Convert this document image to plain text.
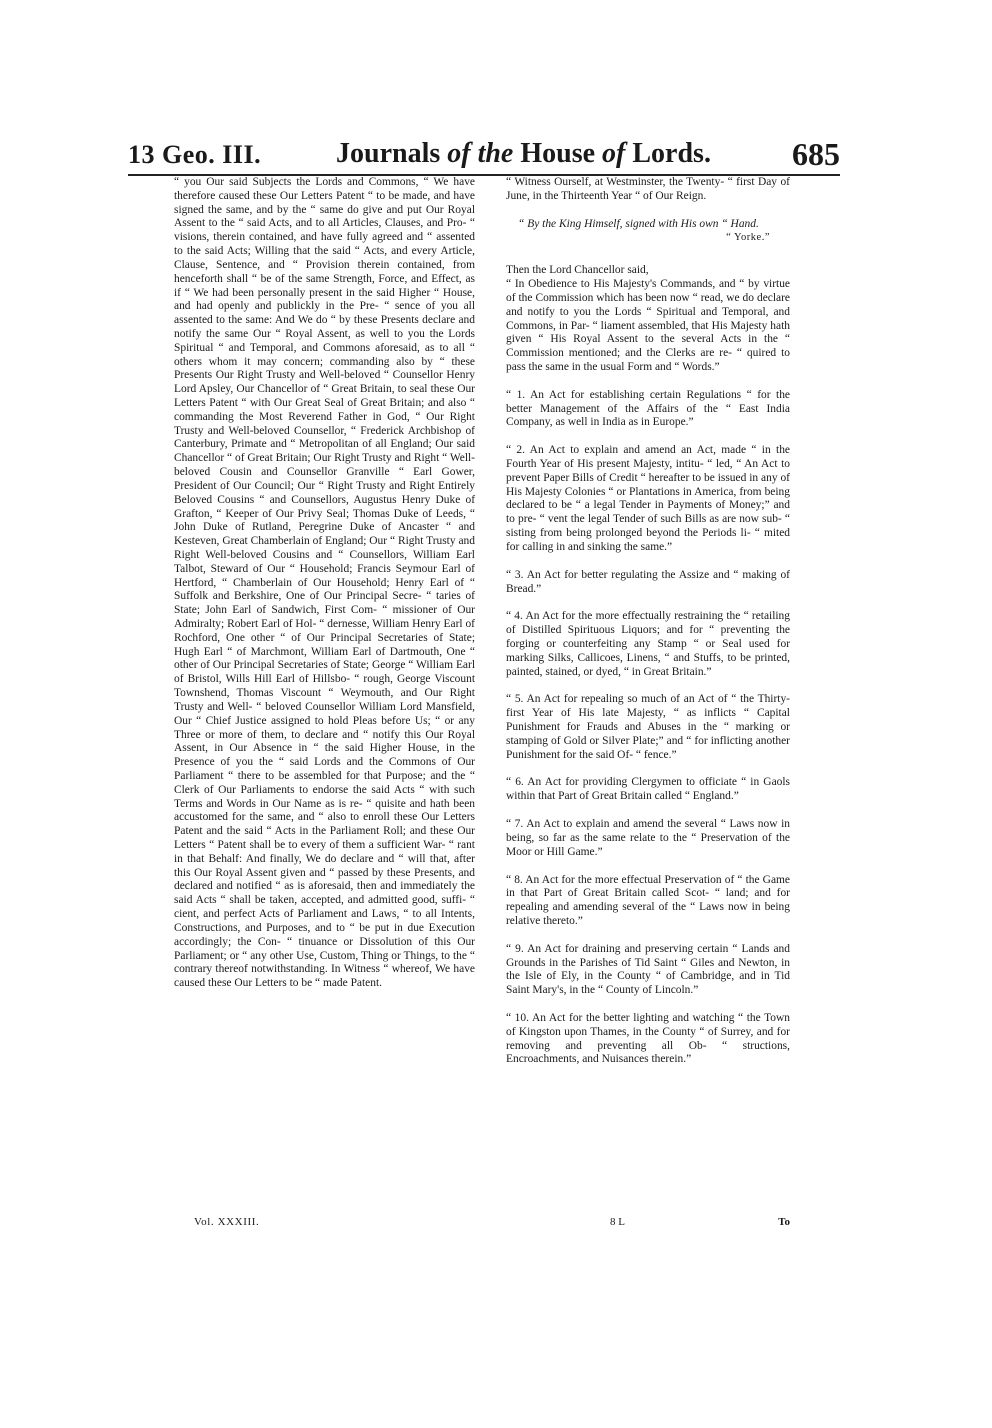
13 Geo. III.	Journals of the House of Lords.	685

“ you Our said Subjects the Lords and Commons, “ We have therefore caused these Our Letters Patent “ to be made, and have signed the same, and by the “ same do give and put Our Royal Assent to the “ said Acts, and to all Articles, Clauses, and Pro- “ visions, therein contained, and have fully agreed and “ assented to the said Acts; Willing that the said “ Acts, and every Article, Clause, Sentence, and “ Provision therein contained, from henceforth shall “ be of the same Strength, Force, and Effect, as if “ We had been personally present in the said Higher “ House, and had openly and publickly in the Pre- “ sence of you all assented to the same: And We do “ by these Presents declare and notify the same Our “ Royal Assent, as well to you the Lords Spiritual “ and Temporal, and Commons aforesaid, as to all “ others whom it may concern; commanding also by “ these Presents Our Right Trusty and Well-beloved “ Counsellor Henry Lord Apsley, Our Chancellor of “ Great Britain, to seal these Our Letters Patent “ with Our Great Seal of Great Britain; and also “ commanding the Most Reverend Father in God, “ Our Right Trusty and Well-beloved Counsellor, “ Frederick Archbishop of Canterbury, Primate and “ Metropolitan of all England; Our said Chancellor “ of Great Britain; Our Right Trusty and Right “ Well-beloved Cousin and Counsellor Granville “ Earl Gower, President of Our Council; Our “ Right Trusty and Right Entirely Beloved Cousins “ and Counsellors, Augustus Henry Duke of Grafton, “ Keeper of Our Privy Seal; Thomas Duke of Leeds, “ John Duke of Rutland, Peregrine Duke of Ancaster “ and Kesteven, Great Chamberlain of England; Our “ Right Trusty and Right Well-beloved Cousins and “ Counsellors, William Earl Talbot, Steward of Our “ Household; Francis Seymour Earl of Hertford, “ Chamberlain of Our Household; Henry Earl of “ Suffolk and Berkshire, One of Our Principal Secre- “ taries of State; John Earl of Sandwich, First Com- “ missioner of Our Admiralty; Robert Earl of Hol- “ dernesse, William Henry Earl of Rochford, One other “ of Our Principal Secretaries of State; Hugh Earl “ of Marchmont, William Earl of Dartmouth, One “ other of Our Principal Secretaries of State; George “ William Earl of Bristol, Wills Hill Earl of Hillsbo- “ rough, George Viscount Townshend, Thomas Viscount “ Weymouth, and Our Right Trusty and Well- “ beloved Counsellor William Lord Mansfield, Our “ Chief Justice assigned to hold Pleas before Us; “ or any Three or more of them, to declare and “ notify this Our Royal Assent, in Our Absence in “ the said Higher House, in the Presence of you the “ said Lords and the Commons of Our Parliament “ there to be assembled for that Purpose; and the “ Clerk of Our Parliaments to endorse the said Acts “ with such Terms and Words in Our Name as is re- “ quisite and hath been accustomed for the same, and “ also to enroll these Our Letters Patent and the said “ Acts in the Parliament Roll; and these Our Letters “ Patent shall be to every of them a sufficient War- “ rant in that Behalf: And finally, We do declare and “ will that, after this Our Royal Assent given and “ passed by these Presents, and declared and notified “ as is aforesaid, then and immediately the said Acts “ shall be taken, accepted, and admitted good, suffi- “ cient, and perfect Acts of Parliament and Laws, “ to all Intents, Constructions, and Purposes, and to “ be put in due Execution accordingly; the Con- “ tinuance or Dissolution of this Our Parliament; or “ any other Use, Custom, Thing or Things, to the “ contrary thereof notwithstanding. In Witness “ whereof, We have caused these Our Letters to be “ made Patent.

“ Witness Ourself, at Westminster, the Twenty- “ first Day of June, in the Thirteenth Year “ of Our Reign.

“ By the King Himself, signed with His own “ Hand.

“ Yorke.”

Then the Lord Chancellor said,

“ In Obedience to His Majesty's Commands, and “ by virtue of the Commission which has been now “ read, we do declare and notify to you the Lords “ Spiritual and Temporal, and Commons, in Par- “ liament assembled, that His Majesty hath given “ His Royal Assent to the several Acts in the “ Commission mentioned; and the Clerks are re- “ quired to pass the same in the usual Form and “ Words.”

“ 1. An Act for establishing certain Regulations “ for the better Management of the Affairs of the “ East India Company, as well in India as in Europe.”

“ 2. An Act to explain and amend an Act, made “ in the Fourth Year of His present Majesty, intitu- “ led, “ An Act to prevent Paper Bills of Credit “ hereafter to be issued in any of His Majesty Colonies “ or Plantations in America, from being declared to be “ a legal Tender in Payments of Money;” and to pre- “ vent the legal Tender of such Bills as are now sub- “ sisting from being prolonged beyond the Periods li- “ mited for calling in and sinking the same.”

“ 3. An Act for better regulating the Assize and “ making of Bread.”

“ 4. An Act for the more effectually restraining the “ retailing of Distilled Spirituous Liquors; and for “ preventing the forging or counterfeiting any Stamp “ or Seal used for marking Silks, Callicoes, Linens, “ and Stuffs, to be printed, painted, stained, or dyed, “ in Great Britain.”

“ 5. An Act for repealing so much of an Act of “ the Thirty-first Year of His late Majesty, “ as inflicts “ Capital Punishment for Frauds and Abuses in the “ marking or stamping of Gold or Silver Plate;” and “ for inflicting another Punishment for the said Of- “ fence.”

“ 6. An Act for providing Clergymen to officiate “ in Gaols within that Part of Great Britain called “ England.”

“ 7. An Act to explain and amend the several “ Laws now in being, so far as the same relate to the “ Preservation of the Moor or Hill Game.”

“ 8. An Act for the more effectual Preservation of “ the Game in that Part of Great Britain called Scot- “ land; and for repealing and amending several of the “ Laws now in being relative thereto.”

“ 9. An Act for draining and preserving certain “ Lands and Grounds in the Parishes of Tid Saint “ Giles and Newton, in the Isle of Ely, in the County “ of Cambridge, and in Tid Saint Mary's, in the “ County of Lincoln.”

“ 10. An Act for the better lighting and watching “ the Town of Kingston upon Thames, in the County “ of Surrey, and for removing and preventing all Ob- “ structions, Encroachments, and Nuisances therein.”

Vol. XXXIII.	8 L	To
